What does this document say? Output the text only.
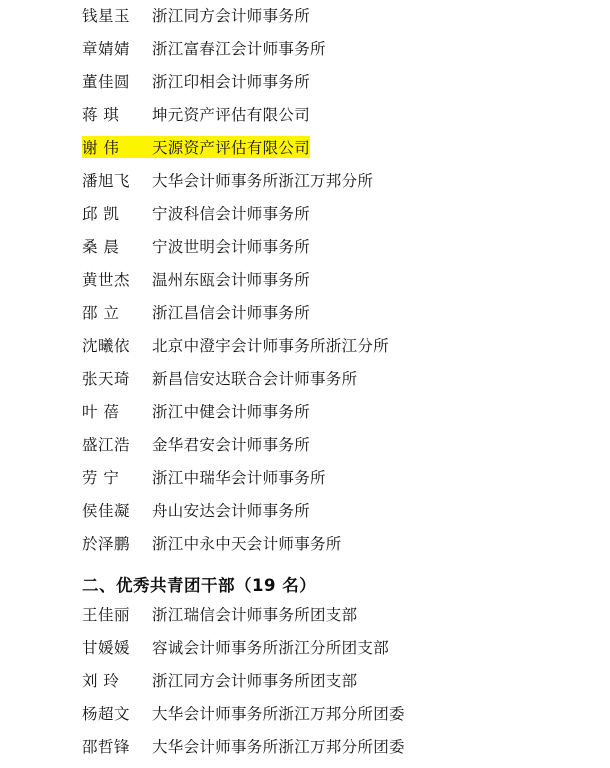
钱星玉	浙江同方会计师事务所
章婧婧	浙江富春江会计师事务所
董佳圆	浙江印相会计师事务所
蒋 琪	坤元资产评估有限公司
谢 伟	天源资产评估有限公司
潘旭飞	大华会计师事务所浙江万邦分所
邱 凯	宁波科信会计师事务所
桑 晨	宁波世明会计师事务所
黄世杰	温州东瓯会计师事务所
邵 立	浙江昌信会计师事务所
沈曦依	北京中澄宇会计师事务所浙江分所
张天琦	新昌信安达联合会计师事务所
叶 蓓	浙江中健会计师事务所
盛江浩	金华君安会计师事务所
劳 宁	浙江中瑞华会计师事务所
侯佳凝	舟山安达会计师事务所
於泽鹏	浙江中永中天会计师事务所
二、优秀共青团干部（19 名）
王佳丽	浙江瑞信会计师事务所团支部
甘媛媛	容诚会计师事务所浙江分所团支部
刘 玲	浙江同方会计师事务所团支部
杨超文	大华会计师事务所浙江万邦分所团委
邵哲锋	大华会计师事务所浙江万邦分所团委
